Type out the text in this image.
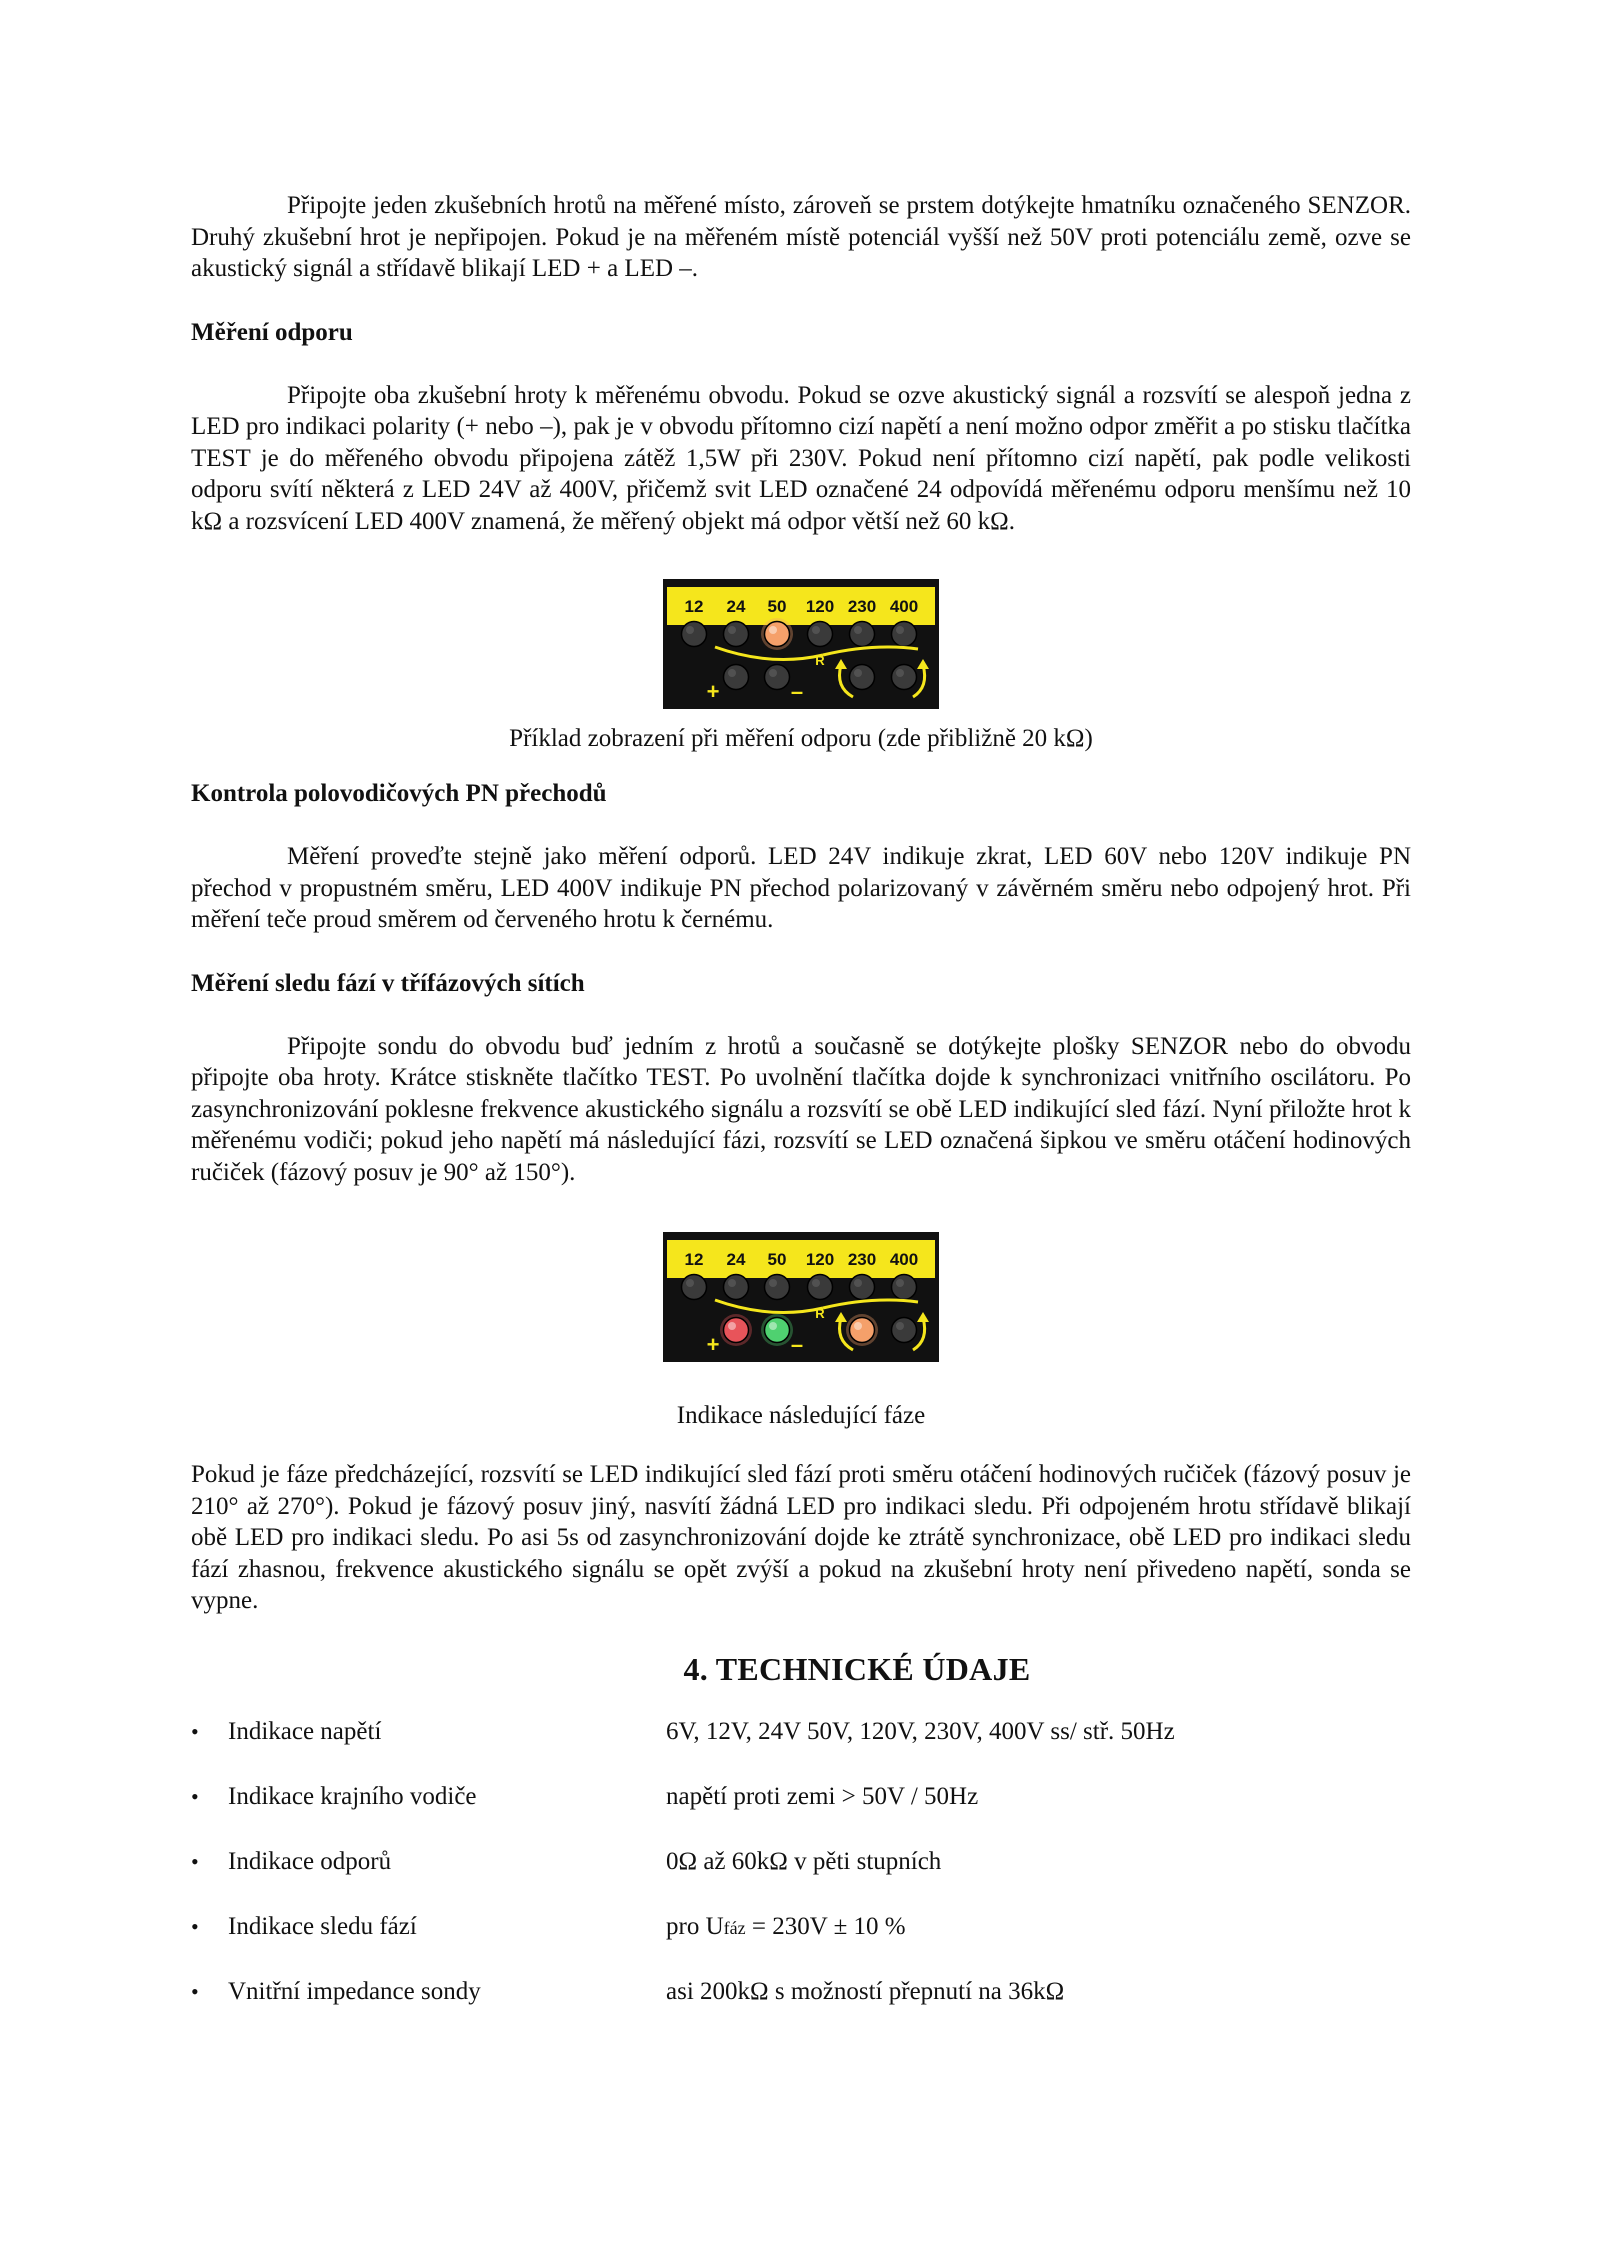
Připojte jeden zkušebních hrotů na měřené místo, zároveň se prstem dotýkejte hmatníku označeného SENZOR. Druhý zkušební hrot je nepřipojen. Pokud je na měřeném místě potenciál vyšší než 50V proti potenciálu země, ozve se akustický signál a střídavě blikají LED + a LED –.

Měření odporu

Připojte oba zkušební hroty k měřenému obvodu. Pokud se ozve akustický signál a rozsvítí se alespoň jedna z LED pro indikaci polarity (+ nebo –), pak je v obvodu přítomno cizí napětí a není možno odpor změřit a po stisku tlačítka TEST je do měřeného obvodu připojena zátěž 1,5W při 230V. Pokud není přítomno cizí napětí, pak podle velikosti odporu svítí některá z LED 24V až 400V, přičemž svit LED označené 24 odpovídá měřenému odporu menšímu než 10 kΩ a rozsvícení LED 400V znamená, že měřený objekt má odpor větší než 60 kΩ.

12 24 50 120 230 400
R
+	–

Příklad zobrazení při měření odporu (zde přibližně 20 kΩ)

Kontrola polovodičových PN přechodů

Měření proveďte stejně jako měření odporů. LED 24V indikuje zkrat, LED 60V nebo 120V indikuje PN přechod v propustném směru, LED 400V indikuje PN přechod polarizovaný v závěrném směru nebo odpojený hrot. Při měření teče proud směrem od červeného hrotu k černému.

Měření sledu fází v třífázových sítích

Připojte sondu do obvodu buď jedním z hrotů a současně se dotýkejte plošky SENZOR nebo do obvodu připojte oba hroty. Krátce stiskněte tlačítko TEST. Po uvolnění tlačítka dojde k synchronizaci vnitřního oscilátoru. Po zasynchronizování poklesne frekvence akustického signálu a rozsvítí se obě LED indikující sled fází. Nyní přiložte hrot k měřenému vodiči; pokud jeho napětí má následující fázi, rozsvítí se LED označená šipkou ve směru otáčení hodinových ručiček (fázový posuv je 90° až 150°).

12 24 50 120 230 400
R
+	–

Indikace následující fáze

Pokud je fáze předcházející, rozsvítí se LED indikující sled fází proti směru otáčení hodinových ručiček (fázový posuv je 210° až 270°). Pokud je fázový posuv jiný, nasvítí žádná LED pro indikaci sledu. Při odpojeném hrotu střídavě blikají obě LED pro indikaci sledu. Po asi 5s od zasynchronizování dojde ke ztrátě synchronizace, obě LED pro indikaci sledu fází zhasnou, frekvence akustického signálu se opět zvýší a pokud na zkušební hroty není přivedeno napětí, sonda se vypne.

4. TECHNICKÉ ÚDAJE
• Indikace napětí	6V, 12V, 24V 50V, 120V, 230V, 400V ss/ stř. 50Hz
• Indikace krajního vodiče	napětí proti zemi > 50V / 50Hz
• Indikace odporů	0Ω až 60kΩ v pěti stupních
• Indikace sledu fází	pro Ufáz = 230V ± 10 %
• Vnitřní impedance sondy	asi 200kΩ s možností přepnutí na 36kΩ
